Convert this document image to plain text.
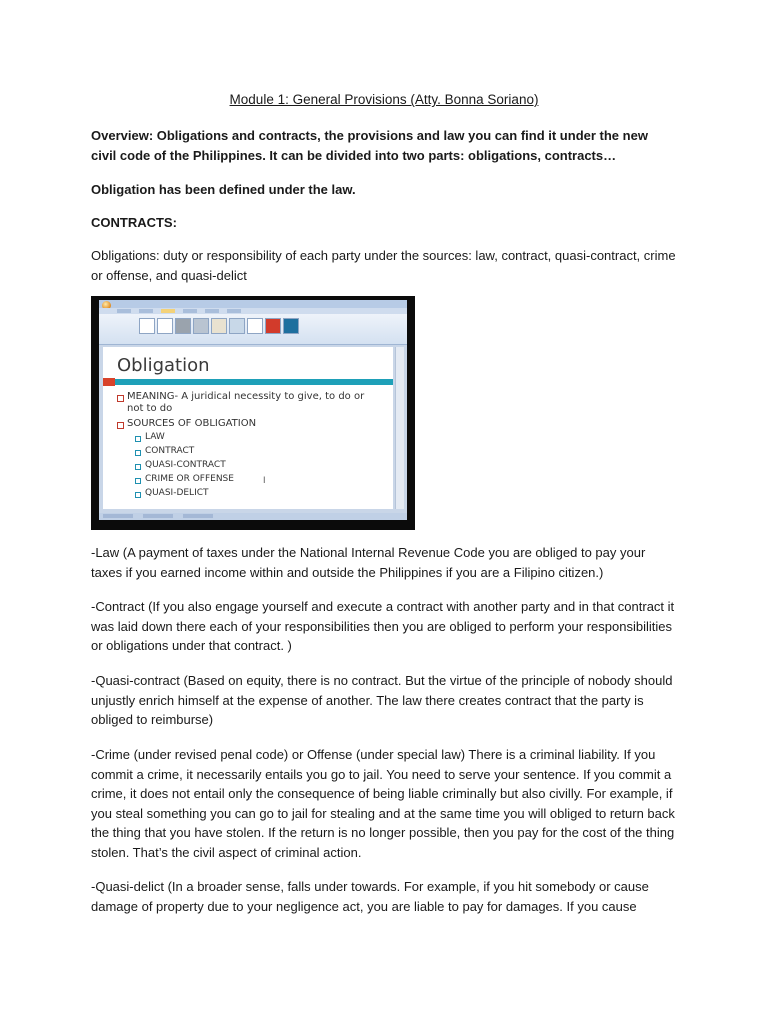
Module 1: General Provisions (Atty. Bonna Soriano)

Overview: Obligations and contracts, the provisions and law you can find it under the new civil code of the Philippines. It can be divided into two parts: obligations, contracts…

Obligation has been defined under the law.

CONTRACTS:

Obligations: duty or responsibility of each party under the sources: law, contract, quasi-contract, crime or offense, and quasi-delict

Obligation
MEANING- A juridical necessity to give, to do or not to do
SOURCES OF OBLIGATION
LAW
CONTRACT
QUASI-CONTRACT
CRIME OR OFFENSE
QUASI-DELICT
I

-Law (A payment of taxes under the National Internal Revenue Code you are obliged to pay your taxes if you earned income within and outside the Philippines if you are a Filipino citizen.)

-Contract (If you also engage yourself and execute a contract with another party and in that contract it was laid down there each of your responsibilities then you are obliged to perform your responsibilities or obligations under that contract. )

-Quasi-contract (Based on equity, there is no contract. But the virtue of the principle of nobody should unjustly enrich himself at the expense of another. The law there creates contract that the party is obliged to reimburse)

-Crime (under revised penal code) or Offense (under special law) There is a criminal liability. If you commit a crime, it necessarily entails you go to jail. You need to serve your sentence. If you commit a crime, it does not entail only the consequence of being liable criminally but also civilly. For example, if you steal something you can go to jail for stealing and at the same time you will obliged to return back the thing that you have stolen. If the return is no longer possible, then you pay for the cost of the thing stolen. That’s the civil aspect of criminal action.

-Quasi-delict (In a broader sense, falls under towards. For example, if you hit somebody or cause damage of property due to your negligence act, you are liable to pay for damages. If you cause
